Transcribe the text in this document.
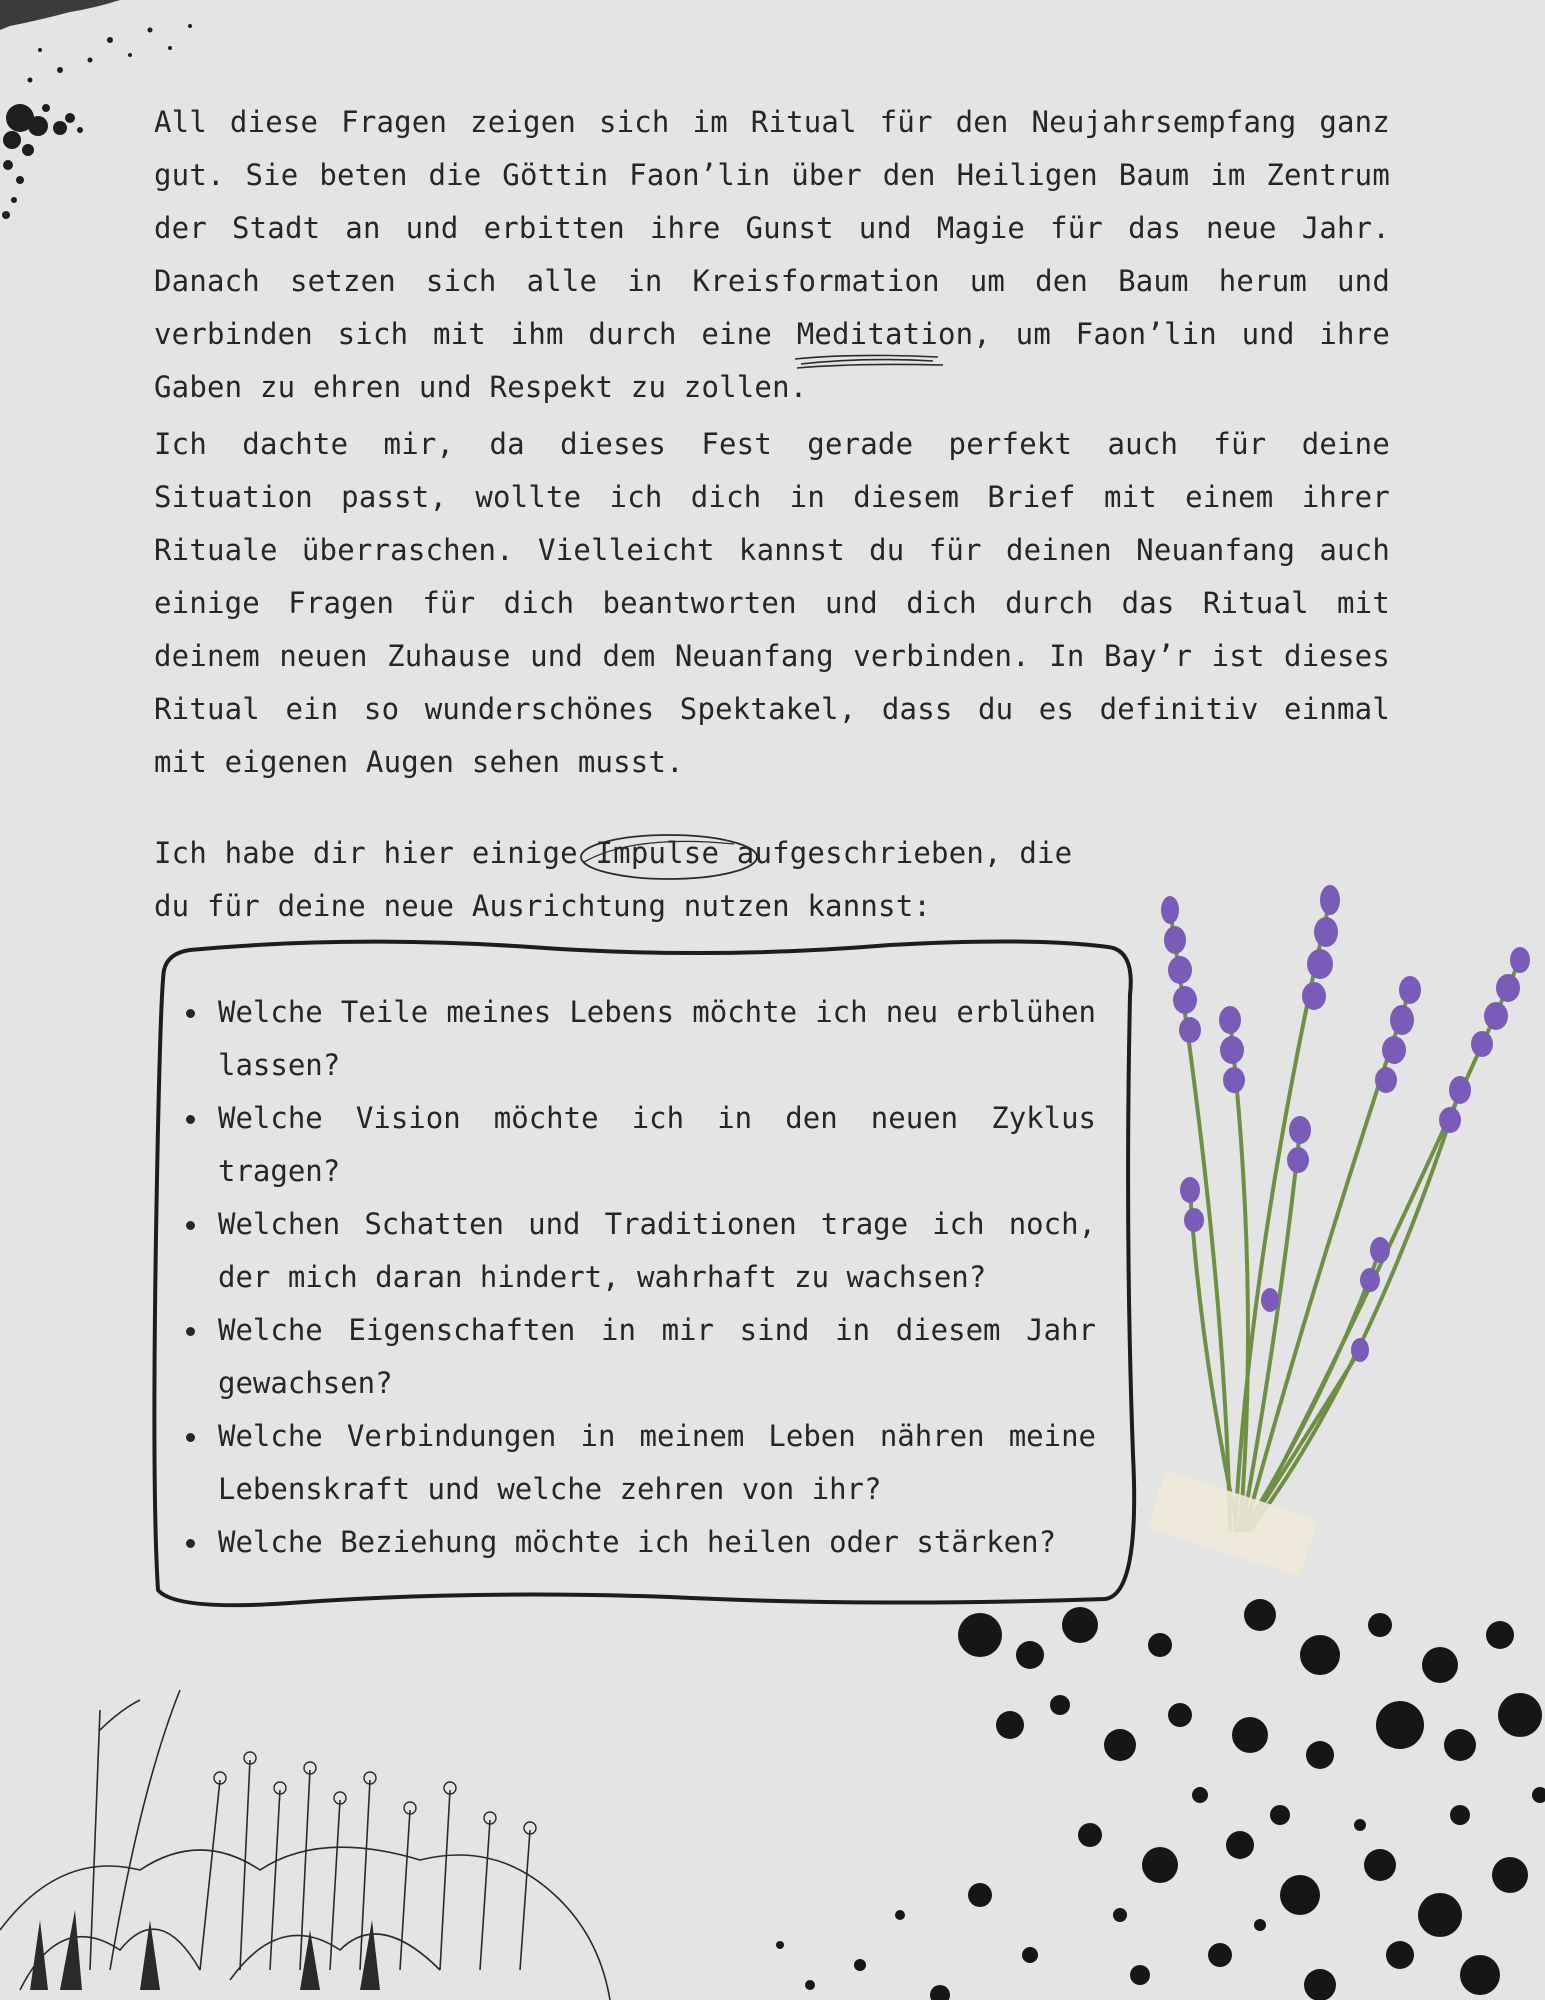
All diese Fragen zeigen sich im Ritual für den Neujahrsempfang ganz gut. Sie beten die Göttin Faon’lin über den Heiligen Baum im Zentrum der Stadt an und erbitten ihre Gunst und Magie für das neue Jahr. Danach setzen sich alle in Kreisformation um den Baum herum und verbinden sich mit ihm durch eine Meditation
, um Faon’lin und ihre Gaben zu ehren und Respekt zu zollen.

Ich dachte mir, da dieses Fest gerade perfekt auch für deine Situation passt, wollte ich dich in diesem Brief mit einem ihrer Rituale überraschen. Vielleicht kannst du für deinen Neuanfang auch einige Fragen für dich beantworten und dich durch das Ritual mit deinem neuen Zuhause und dem Neuanfang verbinden. In Bay’r ist dieses Ritual ein so wunderschönes Spektakel, dass du es definitiv einmal mit eigenen Augen sehen musst.

Ich habe dir hier einige Impulse
aufgeschrieben, die du für deine neue Ausrichtung nutzen kannst:

Welche Teile meines Lebens möchte ich neu erblühen lassen?
Welche Vision möchte ich in den neuen Zyklus tragen?
Welchen Schatten und Traditionen trage ich noch, der mich daran hindert, wahrhaft zu wachsen?
Welche Eigenschaften in mir sind in diesem Jahr gewachsen?
Welche Verbindungen in meinem Leben nähren meine Lebenskraft und welche zehren von ihr?
Welche Beziehung möchte ich heilen oder stärken?
